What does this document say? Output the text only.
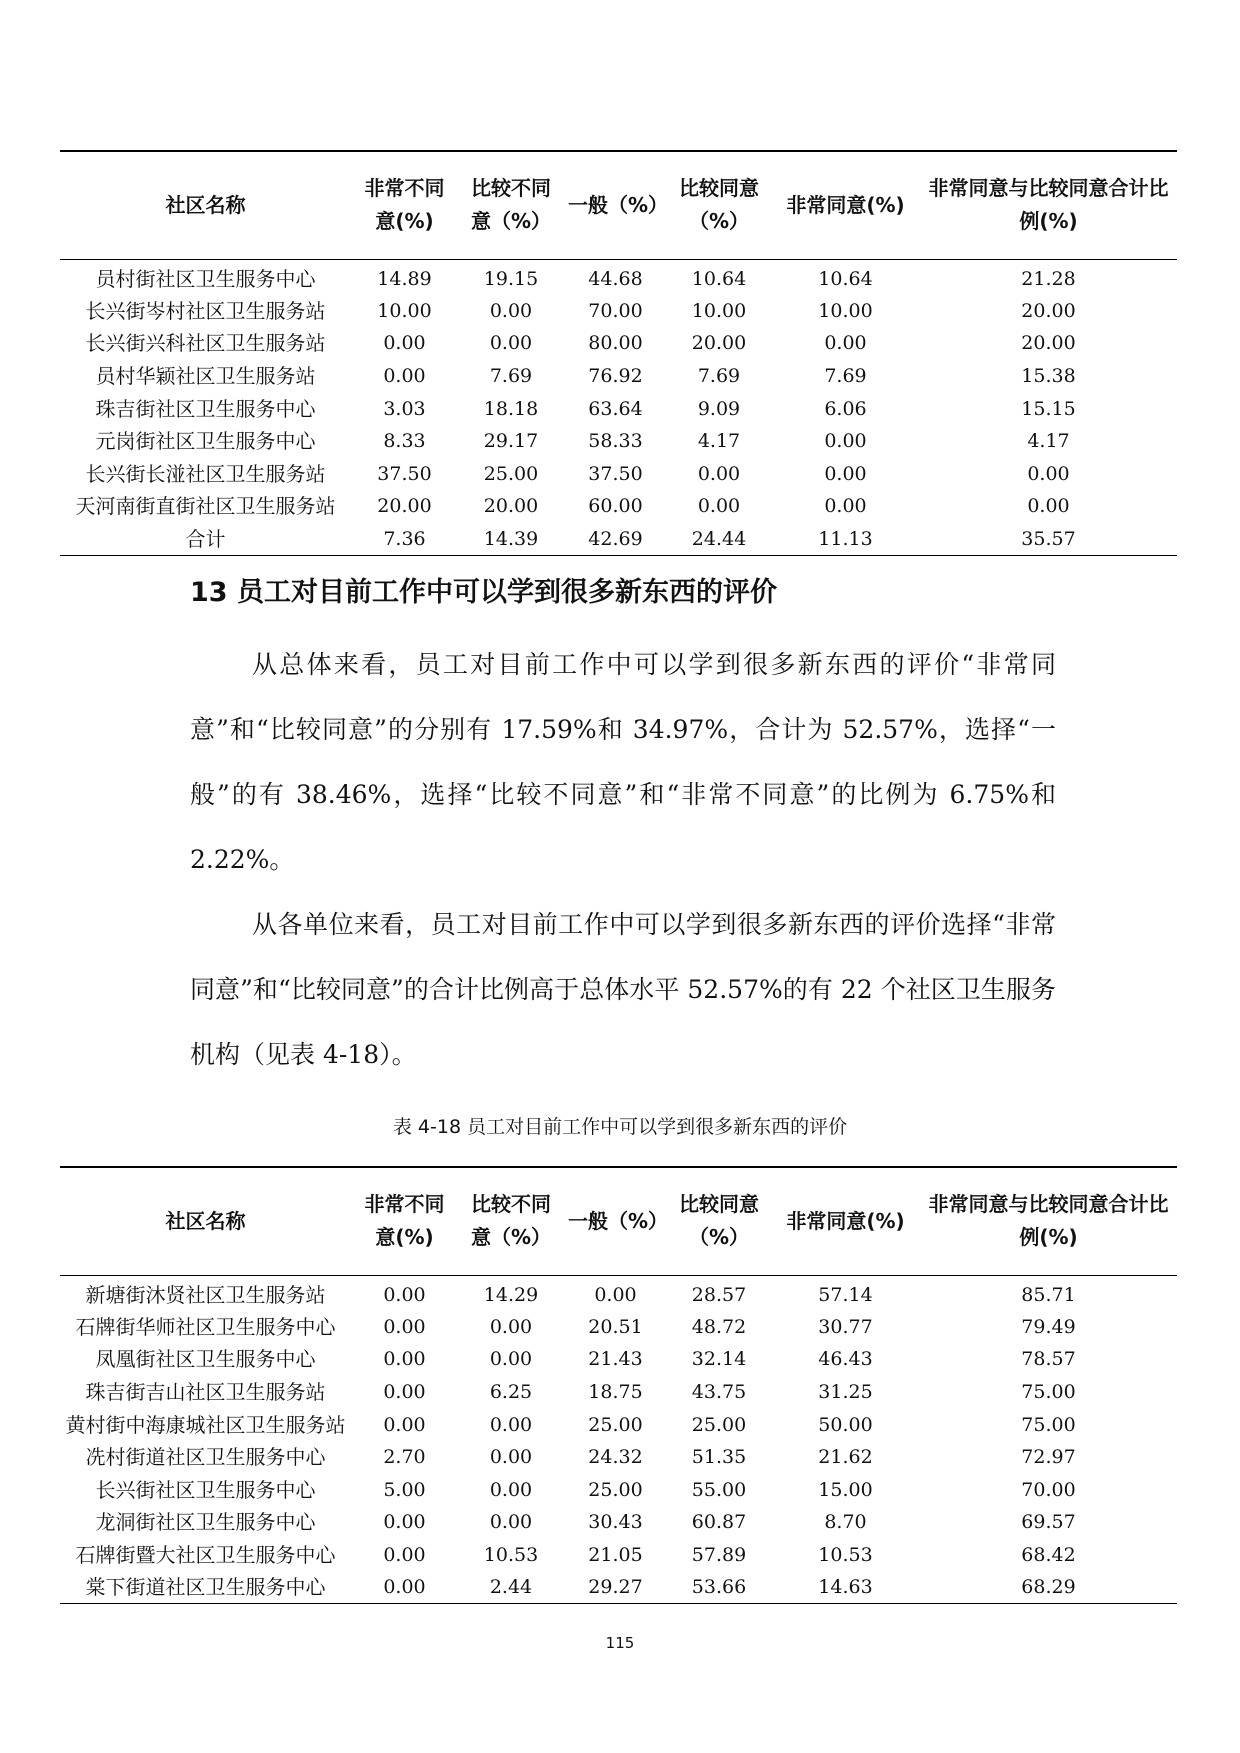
社区名称	非常不同意(%)	比较不同意（%）	一般（%）	比较同意（%）	非常同意(%)	非常同意与比较同意合计比例(%)
员村街社区卫生服务中心	14.89	19.15	44.68	10.64	10.64	21.28
长兴街岑村社区卫生服务站	10.00	0.00	70.00	10.00	10.00	20.00
长兴街兴科社区卫生服务站	0.00	0.00	80.00	20.00	0.00	20.00
员村华颖社区卫生服务站	0.00	7.69	76.92	7.69	7.69	15.38
珠吉街社区卫生服务中心	3.03	18.18	63.64	9.09	6.06	15.15
元岗街社区卫生服务中心	8.33	29.17	58.33	4.17	0.00	4.17
长兴街长湴社区卫生服务站	37.50	25.00	37.50	0.00	0.00	0.00
天河南街直街社区卫生服务站	20.00	20.00	60.00	0.00	0.00	0.00
合计	7.36	14.39	42.69	24.44	11.13	35.57
13 员工对目前工作中可以学到很多新东西的评价

从总体来看，员工对目前工作中可以学到很多新东西的评价“非常同意”和“比较同意”的分别有 17.59%和 34.97%，合计为 52.57%，选择“一般”的有 38.46%，选择“比较不同意”和“非常不同意”的比例为 6.75%和 2.22%。

从各单位来看，员工对目前工作中可以学到很多新东西的评价选择“非常同意”和“比较同意”的合计比例高于总体水平 52.57%的有 22 个社区卫生服务机构（见表 4-18）。

表 4-18 员工对目前工作中可以学到很多新东西的评价

社区名称	非常不同意(%)	比较不同意（%）	一般（%）	比较同意（%）	非常同意(%)	非常同意与比较同意合计比例(%)
新塘街沐贤社区卫生服务站	0.00	14.29	0.00	28.57	57.14	85.71
石牌街华师社区卫生服务中心	0.00	0.00	20.51	48.72	30.77	79.49
凤凰街社区卫生服务中心	0.00	0.00	21.43	32.14	46.43	78.57
珠吉街吉山社区卫生服务站	0.00	6.25	18.75	43.75	31.25	75.00
黄村街中海康城社区卫生服务站	0.00	0.00	25.00	25.00	50.00	75.00
冼村街道社区卫生服务中心	2.70	0.00	24.32	51.35	21.62	72.97
长兴街社区卫生服务中心	5.00	0.00	25.00	55.00	15.00	70.00
龙洞街社区卫生服务中心	0.00	0.00	30.43	60.87	8.70	69.57
石牌街暨大社区卫生服务中心	0.00	10.53	21.05	57.89	10.53	68.42
棠下街道社区卫生服务中心	0.00	2.44	29.27	53.66	14.63	68.29

115
